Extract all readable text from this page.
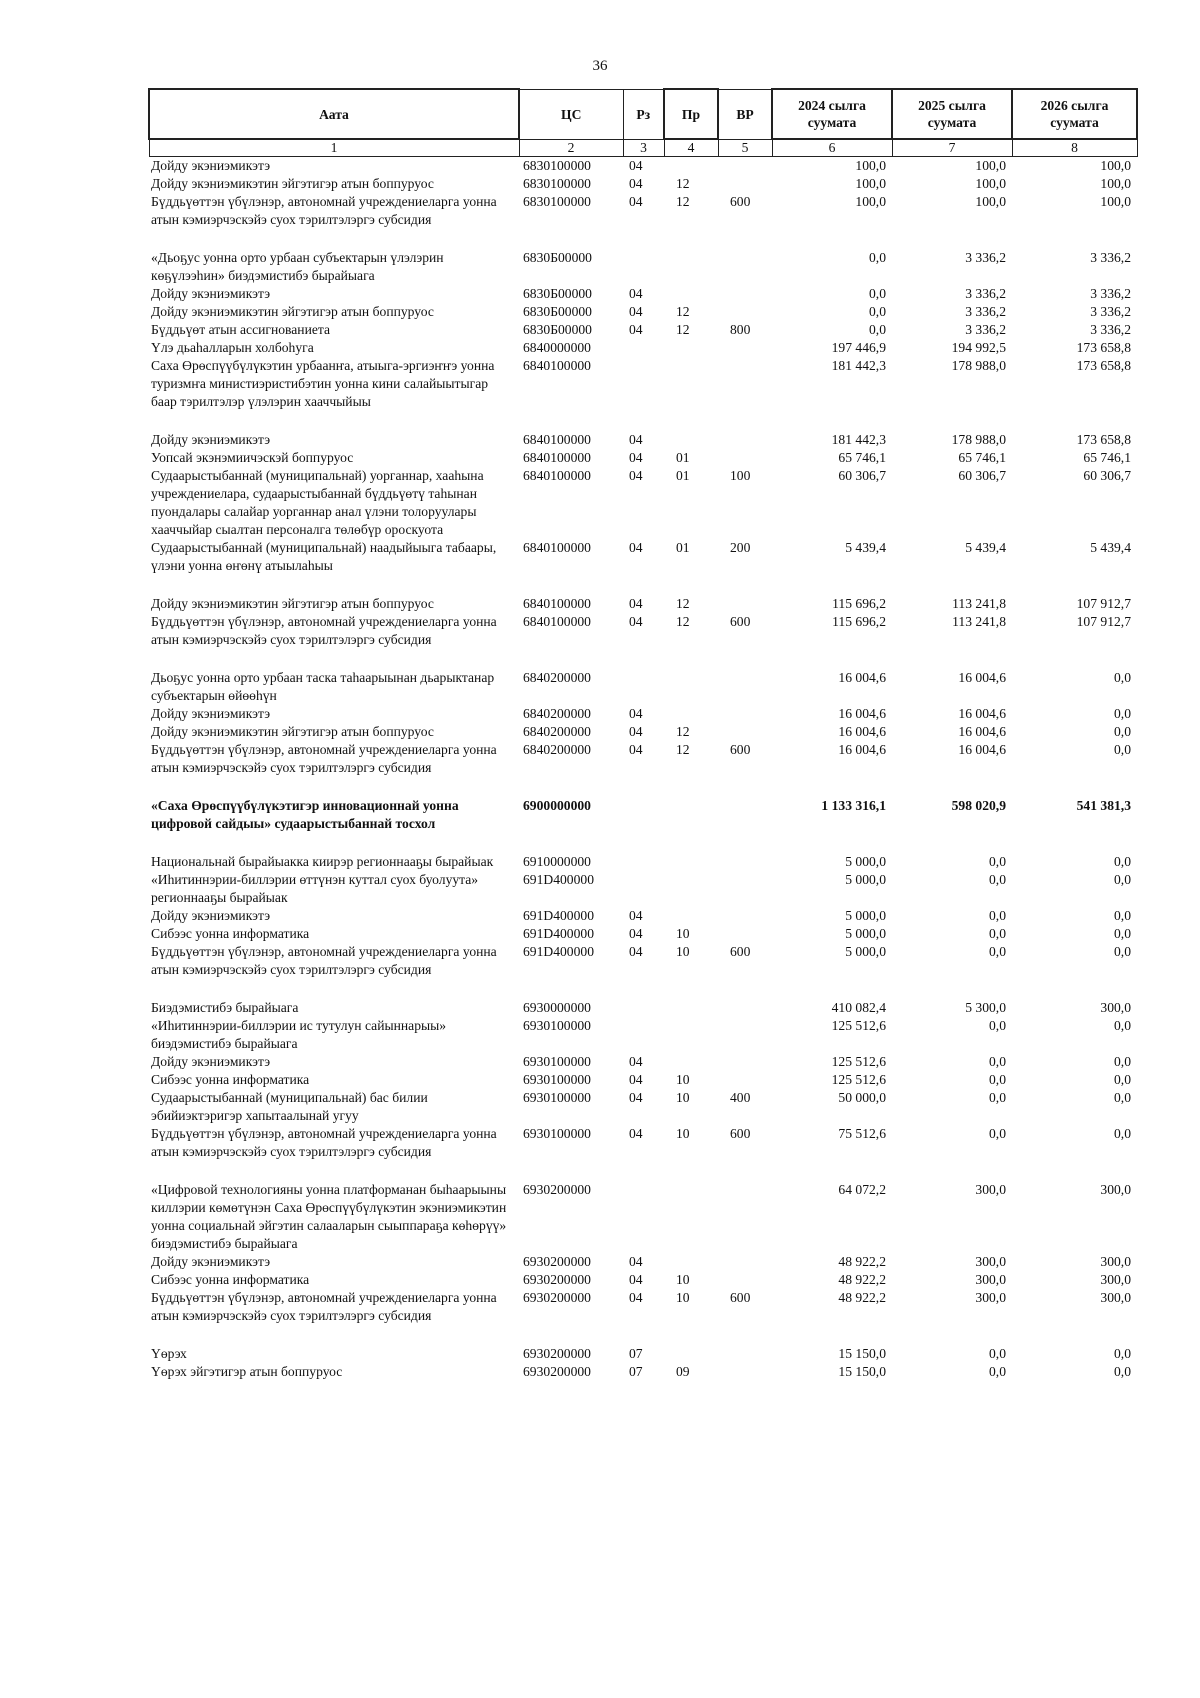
36
Аата	ЦС	Рз	Пр	ВР	2024 сылга суумата	2025 сылга суумата	2026 сылга суумата
1	2	3	4	5	6	7	8
Дойду экэниэмикэтэ	6830100000	04			100,0	100,0	100,0
Дойду экэниэмикэтин эйгэтигэр атын боппуруос	6830100000	04	12		100,0	100,0	100,0
Бүддьүөттэн үбүлэнэр, автономнай учреждениеларга уонна атын кэмиэрчэскэйэ суох тэрилтэлэргэ субсидия	6830100000	04	12	600	100,0	100,0	100,0

«Дьоҕус уонна орто урбаан субъектарын үлэлэрин көҕүлээһин» биэдэмистибэ бырайыага	6830Б00000				0,0	3 336,2	3 336,2
Дойду экэниэмикэтэ	6830Б00000	04			0,0	3 336,2	3 336,2
Дойду экэниэмикэтин эйгэтигэр атын боппуруос	6830Б00000	04	12		0,0	3 336,2	3 336,2
Бүддьүөт атын ассигнованиета	6830Б00000	04	12	800	0,0	3 336,2	3 336,2
Үлэ дьаһалларын холбоһуга	6840000000				197 446,9	194 992,5	173 658,8
Саха Өрөспүүбүлүкэтин урбаанҥа, атыыга-эргиэҥҥэ уонна туризмҥа министиэристибэтин уонна кини салайыытыгар баар тэрилтэлэр үлэлэрин хааччыйыы	6840100000				181 442,3	178 988,0	173 658,8

Дойду экэниэмикэтэ	6840100000	04			181 442,3	178 988,0	173 658,8
Уопсай экэнэмиичэскэй боппуруос	6840100000	04	01		65 746,1	65 746,1	65 746,1
Судаарыстыбаннай (муниципальнай) уорганнар, хааһына учреждениелара, судаарыстыбаннай бүддьүөтү таһынан пуондалары салайар уорганнар анал үлэни толоруулары хааччыйар сыалтан персоналга төлөбүр ороскуота	6840100000	04	01	100	60 306,7	60 306,7	60 306,7
Судаарыстыбаннай (муниципальнай) наадыйыыга табаары, үлэни уонна өҥөнү атыылаһыы	6840100000	04	01	200	5 439,4	5 439,4	5 439,4

Дойду экэниэмикэтин эйгэтигэр атын боппуруос	6840100000	04	12		115 696,2	113 241,8	107 912,7
Бүддьүөттэн үбүлэнэр, автономнай учреждениеларга уонна атын кэмиэрчэскэйэ суох тэрилтэлэргэ субсидия	6840100000	04	12	600	115 696,2	113 241,8	107 912,7

Дьоҕус уонна орто урбаан таска таһаарыынан дьарыктанар субъектарын өйөөһүн	6840200000				16 004,6	16 004,6	0,0
Дойду экэниэмикэтэ	6840200000	04			16 004,6	16 004,6	0,0
Дойду экэниэмикэтин эйгэтигэр атын боппуруос	6840200000	04	12		16 004,6	16 004,6	0,0
Бүддьүөттэн үбүлэнэр, автономнай учреждениеларга уонна атын кэмиэрчэскэйэ суох тэрилтэлэргэ субсидия	6840200000	04	12	600	16 004,6	16 004,6	0,0

«Саха Өрөспүүбүлүкэтигэр инновационнай уонна цифровой сайдыы» судаарыстыбаннай тосхол	6900000000				1 133 316,1	598 020,9	541 381,3

Национальнай бырайыакка киирэр регионнааҕы бырайыак	6910000000				5 000,0	0,0	0,0
«Иһитиннэрии-биллэрии өттүнэн куттал суох буолуута» регионнааҕы бырайыак	691D400000				5 000,0	0,0	0,0
Дойду экэниэмикэтэ	691D400000	04			5 000,0	0,0	0,0
Сибээс уонна информатика	691D400000	04	10		5 000,0	0,0	0,0
Бүддьүөттэн үбүлэнэр, автономнай учреждениеларга уонна атын кэмиэрчэскэйэ суох тэрилтэлэргэ субсидия	691D400000	04	10	600	5 000,0	0,0	0,0

Биэдэмистибэ бырайыага	6930000000				410 082,4	5 300,0	300,0
«Иһитиннэрии-биллэрии ис тутулун сайыннарыы» биэдэмистибэ бырайыага	6930100000				125 512,6	0,0	0,0
Дойду экэниэмикэтэ	6930100000	04			125 512,6	0,0	0,0
Сибээс уонна информатика	6930100000	04	10		125 512,6	0,0	0,0
Судаарыстыбаннай (муниципальнай) бас билии эбийиэктэригэр хапытаалынай угуу	6930100000	04	10	400	50 000,0	0,0	0,0
Бүддьүөттэн үбүлэнэр, автономнай учреждениеларга уонна атын кэмиэрчэскэйэ суох тэрилтэлэргэ субсидия	6930100000	04	10	600	75 512,6	0,0	0,0

«Цифровой технологияны уонна платформанан быһаарыыны киллэрии көмөтүнэн Саха Өрөспүүбүлүкэтин экэниэмикэтин уонна социальнай эйгэтин салааларын сыыппараҕа көһөрүү» биэдэмистибэ бырайыага	6930200000				64 072,2	300,0	300,0
Дойду экэниэмикэтэ	6930200000	04			48 922,2	300,0	300,0
Сибээс уонна информатика	6930200000	04	10		48 922,2	300,0	300,0
Бүддьүөттэн үбүлэнэр, автономнай учреждениеларга уонна атын кэмиэрчэскэйэ суох тэрилтэлэргэ субсидия	6930200000	04	10	600	48 922,2	300,0	300,0

Үөрэх	6930200000	07			15 150,0	0,0	0,0
Үөрэх эйгэтигэр атын боппуруос	6930200000	07	09		15 150,0	0,0	0,0
